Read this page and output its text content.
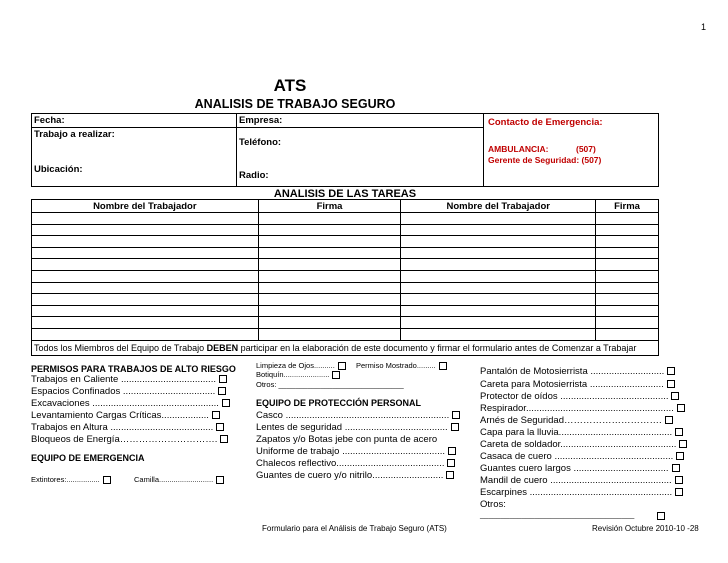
1
ATS
ANALISIS DE TRABAJO SEGURO
Fecha:
Trabajo a realizar:
Ubicación:
Empresa:
Teléfono:
Radio:
Contacto de Emergencia:
AMBULANCIA:	(507)
Gerente de Seguridad: (507)
ANALISIS DE LAS TAREAS
Nombre del Trabajador	Firma	Nombre del Trabajador	Firma

Todos los Miembros del Equipo de Trabajo DEBEN participar en la elaboración de este documento y firmar el formulario antes de Comenzar a Trabajar			
PERMISOS PARA TRABAJOS DE ALTO RIESGO
Trabajos en Caliente ....................................
Espacios Confinados ...................................
Excavaciones ................................................
Levantamiento Cargas Críticas..................
Trabajos en Altura .......................................
Bloqueos de Energía………………………….
EQUIPO DE EMERGENCIA
Extintores:................	Camilla..........................
Limpieza de Ojos..........	Permiso Mostrado.........
Botiquín......................
Otros: ______________________________
EQUIPO DE PROTECCIÓN PERSONAL
Casco ..............................................................
Lentes de seguridad .......................................
Zapatos y/o Botas jebe con punta de acero
Uniforme de trabajo .......................................
Chalecos reflectivo.........................................
Guantes de cuero y/o nitrilo...........................
Pantalón de Motosierrista ............................
Careta para Motosierrista ............................
Protector de oídos .........................................
Respirador........................................................
Arnés de Seguridad………………………….
Capa para la lluvia...........................................
Careta de soldador............................................
Casaca de cuero .............................................
Guantes cuero largos ....................................
Mandil de cuero ..............................................
Escarpines ......................................................
Otros:
_____________________________________
Formulario para el Análisis de Trabajo Seguro (ATS)	Revisión Octubre 2010-10 -28
